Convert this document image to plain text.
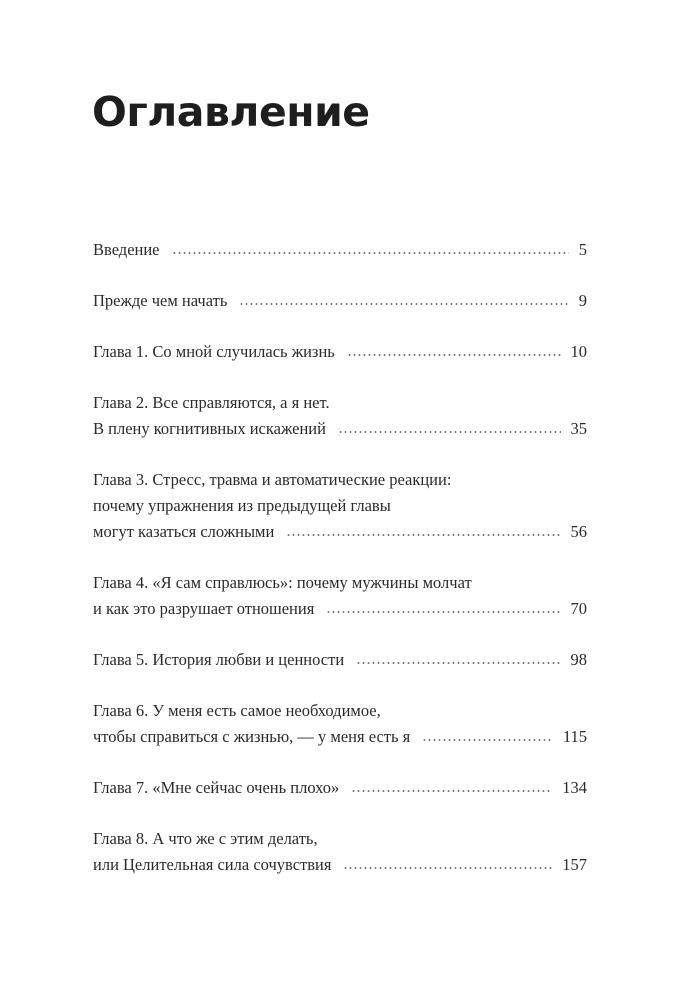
Оглавление
Введение	5
Прежде чем начать	9
Глава 1. Со мной случилась жизнь	10
Глава 2. Все справляются, а я нет.
В плену когнитивных искажений	35
Глава 3. Стресс, травма и автоматические реакции:
почему упражнения из предыдущей главы
могут казаться сложными	56
Глава 4. «Я сам справлюсь»: почему мужчины молчат
и как это разрушает отношения	70
Глава 5. История любви и ценности	98
Глава 6. У меня есть самое необходимое,
чтобы справиться с жизнью, — у меня есть я	115
Глава 7. «Мне сейчас очень плохо»	134
Глава 8. А что же с этим делать,
или Целительная сила сочувствия	157
